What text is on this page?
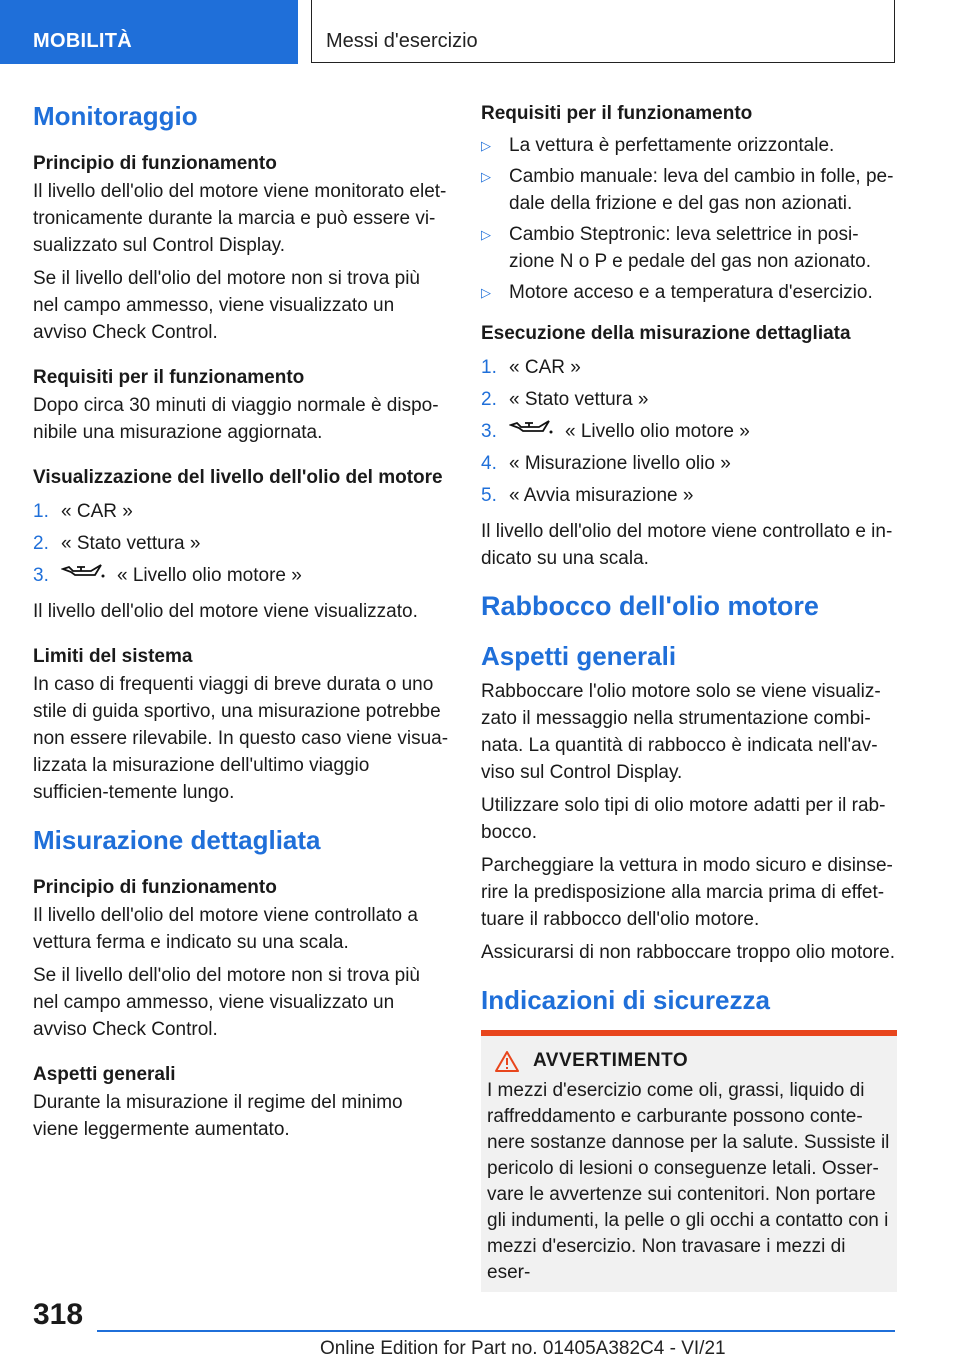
MOBILITÀ	Messi d'esercizio
Monitoraggio
Principio di funzionamento

Il livello dell'olio del motore viene monitorato elet-tronicamente durante la marcia e può essere vi-sualizzato sul Control Display.

Se il livello dell'olio del motore non si trova più nel campo ammesso, viene visualizzato un avviso Check Control.

Requisiti per il funzionamento

Dopo circa 30 minuti di viaggio normale è dispo-nibile una misurazione aggiornata.

Visualizzazione del livello dell'olio del motore
1. « CAR »
2. « Stato vettura »
3.	« Livello olio motore »

Il livello dell'olio del motore viene visualizzato.

Limiti del sistema

In caso di frequenti viaggi di breve durata o uno stile di guida sportivo, una misurazione potrebbe non essere rilevabile. In questo caso viene visua-lizzata la misurazione dell'ultimo viaggio sufficien-temente lungo.

Misurazione dettagliata
Principio di funzionamento

Il livello dell'olio del motore viene controllato a vettura ferma e indicato su una scala.

Se il livello dell'olio del motore non si trova più nel campo ammesso, viene visualizzato un avviso Check Control.

Aspetti generali

Durante la misurazione il regime del minimo viene leggermente aumentato.

Requisiti per il funzionamento
▷ La vettura è perfettamente orizzontale.
▷ Cambio manuale: leva del cambio in folle, pe-dale della frizione e del gas non azionati.
▷ Cambio Steptronic: leva selettrice in posi-zione N o P e pedale del gas non azionato.
▷ Motore acceso e a temperatura d'esercizio.
Esecuzione della misurazione dettagliata
1. « CAR »
2. « Stato vettura »
3.	« Livello olio motore »
4. « Misurazione livello olio »
5. « Avvia misurazione »

Il livello dell'olio del motore viene controllato e in-dicato su una scala.

Rabbocco dell'olio motore
Aspetti generali

Rabboccare l'olio motore solo se viene visualiz-zato il messaggio nella strumentazione combi-nata. La quantità di rabbocco è indicata nell'av-viso sul Control Display.

Utilizzare solo tipi di olio motore adatti per il rab-bocco.

Parcheggiare la vettura in modo sicuro e disinse-rire la predisposizione alla marcia prima di effet-tuare il rabbocco dell'olio motore.

Assicurarsi di non rabboccare troppo olio motore.

Indicazioni di sicurezza
AVVERTIMENTO
I mezzi d'esercizio come oli, grassi, liquido di raffreddamento e carburante possono conte-nere sostanze dannose per la salute. Sussiste il pericolo di lesioni o conseguenze letali. Osser-vare le avvertenze sui contenitori. Non portare gli indumenti, la pelle o gli occhi a contatto con i mezzi d'esercizio. Non travasare i mezzi di eser-
318
Online Edition for Part no. 01405A382C4 - VI/21
